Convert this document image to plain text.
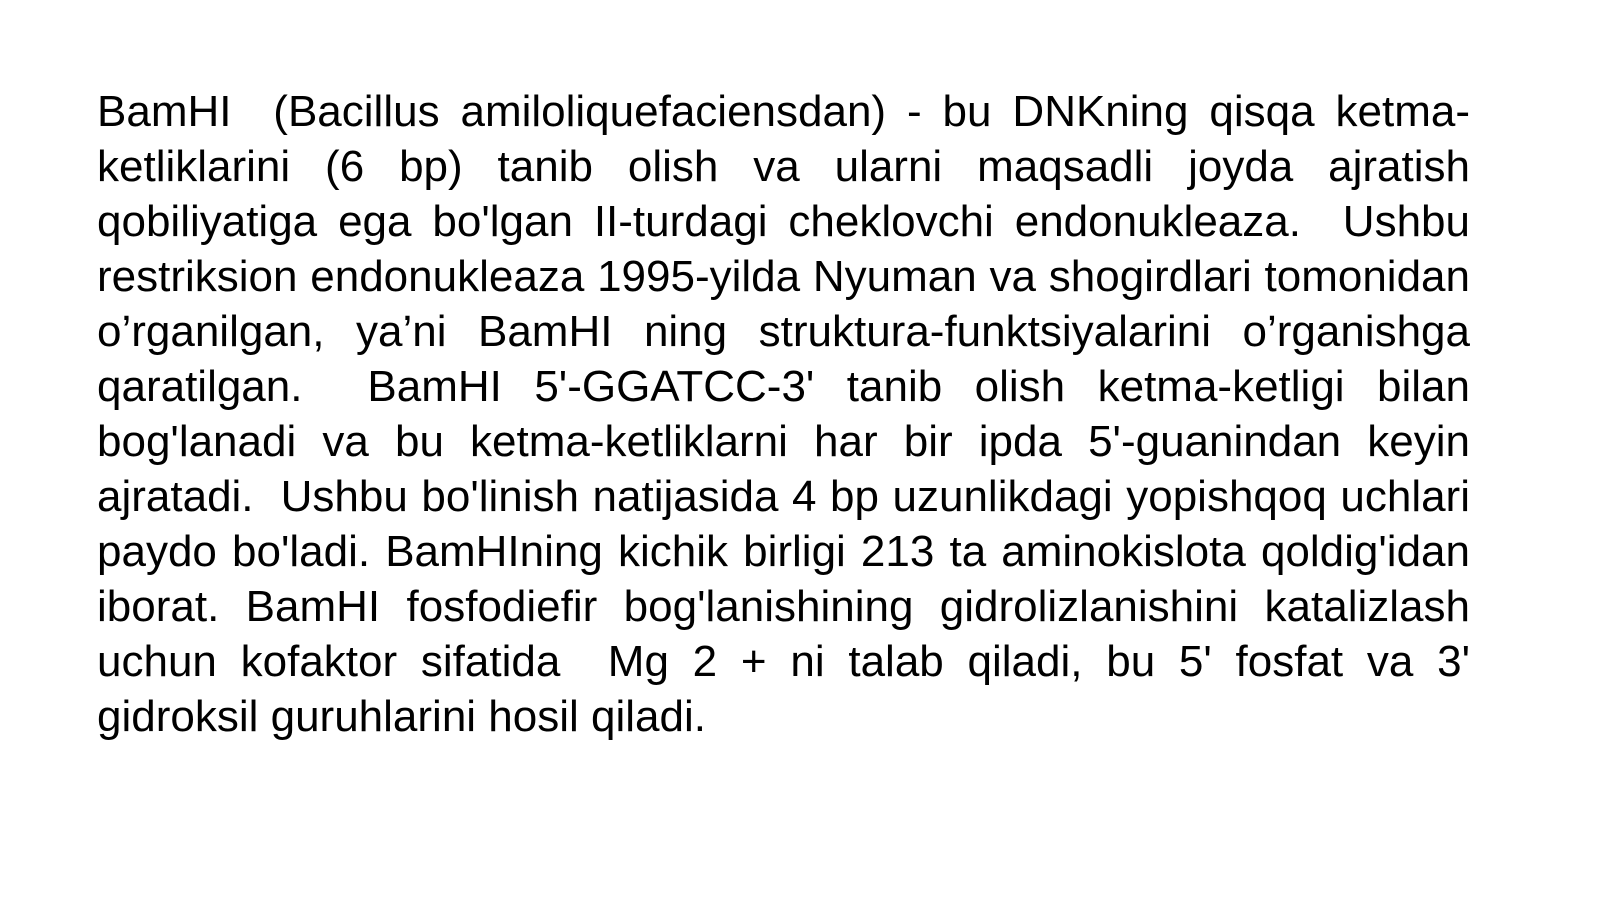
BamHI  (Bacillus amiloliquefaciensdan) - bu DNKning qisqa ketma-ketliklarini (6 bp) tanib olish va ularni maqsadli joyda ajratish qobiliyatiga ega bo'lgan II-turdagi cheklovchi endonukleaza.  Ushbu restriksion endonukleaza 1995-yilda Nyuman va shogirdlari tomonidan o’rganilgan, ya’ni BamHI ning struktura-funktsiyalarini o’rganishga qaratilgan.  BamHI 5'-GGATCC-3' tanib olish ketma-ketligi bilan bog'lanadi va bu ketma-ketliklarni har bir ipda 5'-guanindan keyin ajratadi.  Ushbu bo'linish natijasida 4 bp uzunlikdagi yopishqoq uchlari paydo bo'ladi. BamHIning kichik birligi 213 ta aminokislota qoldig'idan iborat. BamHI fosfodiefir bog'lanishining gidrolizlanishini katalizlash uchun kofaktor sifatida  Mg 2 + ni talab qiladi, bu 5' fosfat va 3' gidroksil guruhlarini hosil qiladi.
